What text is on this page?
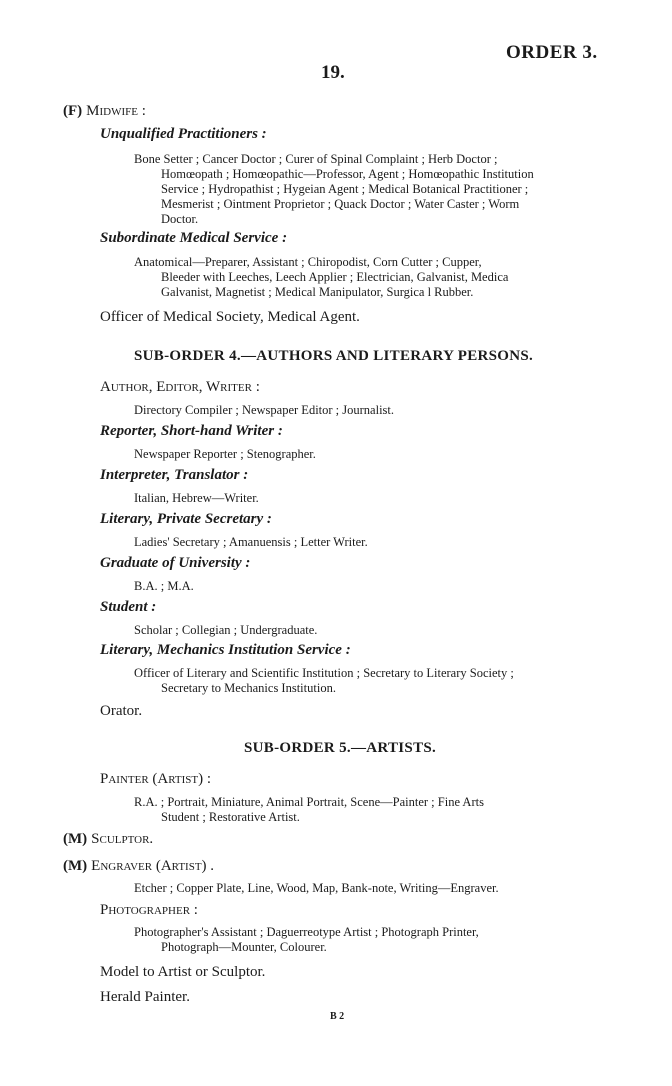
ORDER 3.
19.
(F) Midwife :
Unqualified Practitioners :
Bone Setter ; Cancer Doctor ; Curer of Spinal Complaint ; Herb Doctor ;
Homœopath ; Homœopathic—Professor, Agent ; Homœopathic Institution
Service ; Hydropathist ; Hygeian Agent ; Medical Botanical Practitioner ;
Mesmerist ; Ointment Proprietor ; Quack Doctor ; Water Caster ; Worm
Doctor.
Subordinate Medical Service :
Anatomical—Preparer, Assistant ; Chiropodist, Corn Cutter ; Cupper,
Bleeder with Leeches, Leech Applier ; Electrician, Galvanist, Medica
Galvanist, Magnetist ; Medical Manipulator, Surgica l Rubber.
Officer of Medical Society, Medical Agent.
SUB-ORDER 4.—AUTHORS AND LITERARY PERSONS.
Author, Editor, Writer :
Directory Compiler ; Newspaper Editor ; Journalist.
Reporter, Short-hand Writer :
Newspaper Reporter ; Stenographer.
Interpreter, Translator :
Italian, Hebrew—Writer.
Literary, Private Secretary :
Ladies' Secretary ; Amanuensis ; Letter Writer.
Graduate of University :
B.A. ; M.A.
Student :
Scholar ; Collegian ; Undergraduate.
Literary, Mechanics Institution Service :
Officer of Literary and Scientific Institution ; Secretary to Literary Society ;
Secretary to Mechanics Institution.
Orator.
SUB-ORDER 5.—ARTISTS.
Painter (Artist) :
R.A. ; Portrait, Miniature, Animal Portrait, Scene—Painter ; Fine Arts
Student ; Restorative Artist.
(M) Sculptor.
(M) Engraver (Artist) .
Etcher ; Copper Plate, Line, Wood, Map, Bank-note, Writing—Engraver.
Photographer :
Photographer's Assistant ; Daguerreotype Artist ; Photograph Printer,
Photograph—Mounter, Colourer.
Model to Artist or Sculptor.
Herald Painter.
B 2
